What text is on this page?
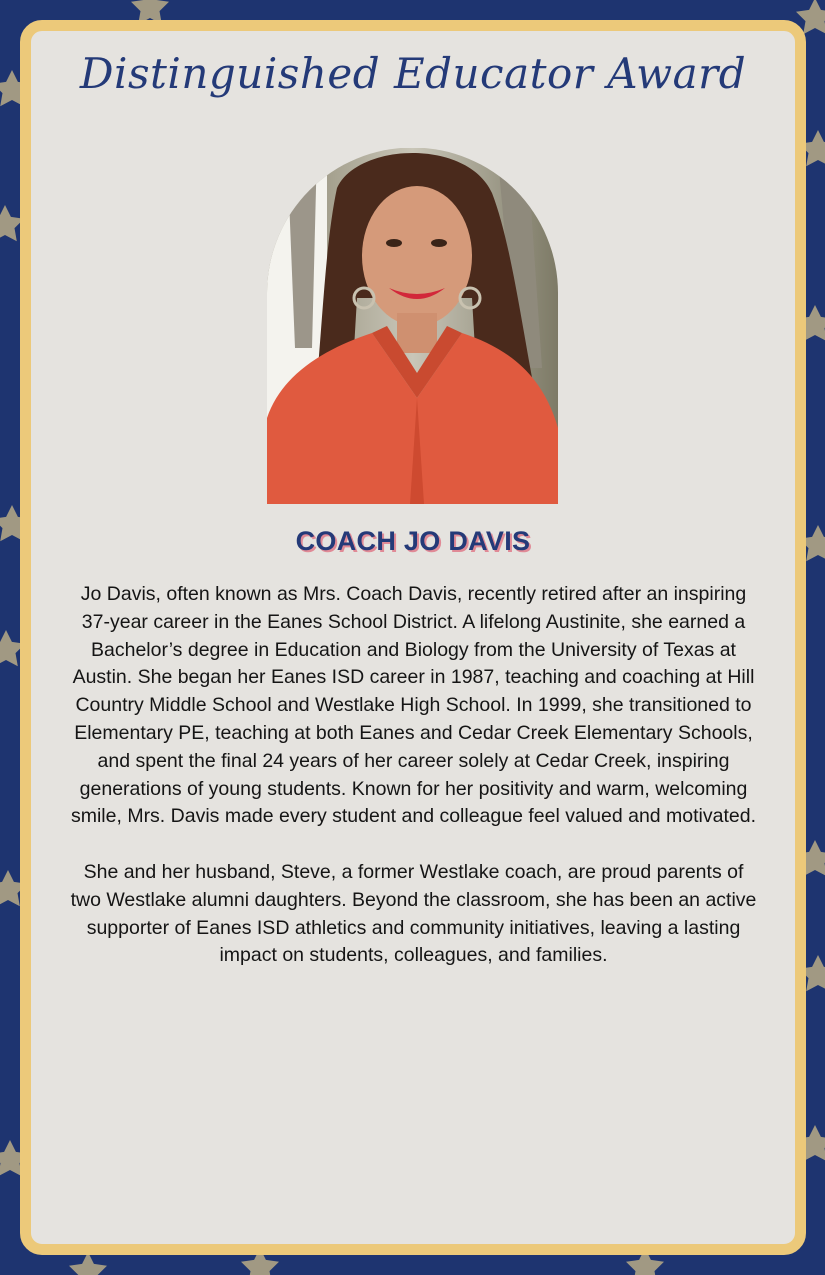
Distinguished Educator Award
COACH JO DAVIS

Jo Davis, often known as Mrs. Coach Davis, recently retired after an inspiring 37-year career in the Eanes School District. A lifelong Austinite, she earned a Bachelor’s degree in Education and Biology from the University of Texas at Austin. She began her Eanes ISD career in 1987, teaching and coaching at Hill Country Middle School and Westlake High School. In 1999, she transitioned to Elementary PE, teaching at both Eanes and Cedar Creek Elementary Schools, and spent the final 24 years of her career solely at Cedar Creek, inspiring generations of young students. Known for her positivity and warm, welcoming smile, Mrs. Davis made every student and colleague feel valued and motivated.

She and her husband, Steve, a former Westlake coach, are proud parents of two Westlake alumni daughters. Beyond the classroom, she has been an active supporter of Eanes ISD athletics and community initiatives, leaving a lasting impact on students, colleagues, and families.
